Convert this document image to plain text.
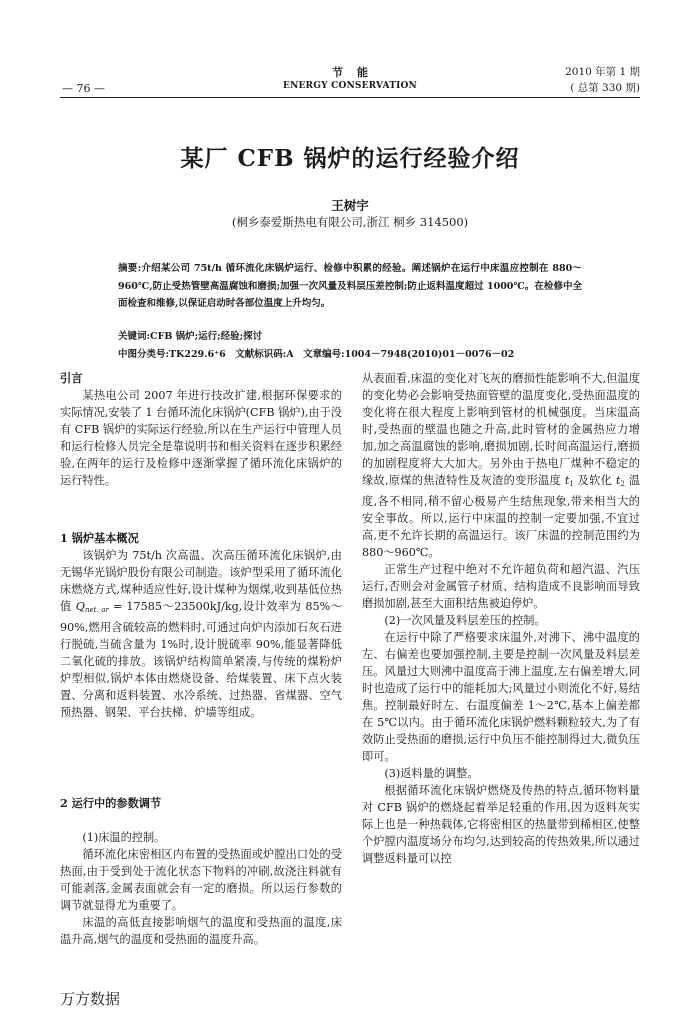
节能
ENERGY CONSERVATION
— 76 —
2010 年第 1 期
( 总第 330 期)
某厂 CFB 锅炉的运行经验介绍
王树宇
(桐乡泰爱斯热电有限公司,浙江 桐乡 314500)
摘要:介绍某公司 75t/h 循环流化床锅炉运行、检修中积累的经验。阐述锅炉在运行中床温应控制在 880～960℃,防止受热管壁高温腐蚀和磨损;加强一次风量及料层压差控制;防止返料温度超过 1000℃。在检修中全面检查和维修,以保证启动时各部位温度上升均匀。
关键词:CFB 锅炉;运行;经验;探讨
中图分类号:TK229.6⁺6　文献标识码:A　文章编号:1004－7948(2010)01－0076－02
引言

某热电公司 2007 年进行技改扩建,根据环保要求的实际情况,安装了 1 台循环流化床锅炉(CFB 锅炉),由于没有 CFB 锅炉的实际运行经验,所以在生产运行中管理人员和运行检修人员完全是靠说明书和相关资料在逐步积累经验,在两年的运行及检修中逐渐掌握了循环流化床锅炉的运行特性。

1 锅炉基本概况

该锅炉为 75t/h 次高温、次高压循环流化床锅炉,由无锡华光锅炉股份有限公司制造。该炉型采用了循环流化床燃烧方式,煤种适应性好,设计煤种为烟煤,收到基低位热值 $Q_{net. ar}$ = 17585～23500kJ/kg,设计效率为 85%～90%,燃用含硫较高的燃料时,可通过向炉内添加石灰石进行脱硫,当硫含量为 1%时,设计脱硫率 90%,能显著降低二氧化硫的排放。该锅炉结构简单紧凑,与传统的煤粉炉炉型相似,锅炉本体由燃烧设备、给煤装置、床下点火装置、分离和返料装置、水冷系统、过热器、省煤器、空气预热器、钢架、平台扶梯、炉墙等组成。

2 运行中的参数调节

(1)床温的控制。

循环流化床密相区内布置的受热面或炉膛出口处的受热面,由于受到处于流化状态下物料的冲刷,故浇注料就有可能剥落,金属表面就会有一定的磨损。所以运行参数的调节就显得尤为重要了。

床温的高低直接影响烟气的温度和受热面的温度,床温升高,烟气的温度和受热面的温度升高。

从表面看,床温的变化对飞灰的磨损性能影响不大,但温度的变化势必会影响受热面管壁的温度变化,受热面温度的变化将在很大程度上影响到管材的机械强度。当床温高时,受热面的壁温也随之升高,此时管材的金属热应力增加,加之高温腐蚀的影响,磨损加剧,长时间高温运行,磨损的加剧程度将大大加大。另外由于热电厂煤种不稳定的缘故,原煤的焦渣特性及灰渣的变形温度 $t_1$ 及软化 $t_2$ 温度,各不相同,稍不留心极易产生结焦现象,带来相当大的安全事故。所以,运行中床温的控制一定要加强,不宜过高,更不允许长期的高温运行。该厂床温的控制范围约为 880～960℃。

正常生产过程中绝对不允许超负荷和超汽温、汽压运行,否则会对金属管子材质、结构造成不良影响而导致磨损加剧,甚至大面积结焦被迫停炉。

(2)一次风量及料层差压的控制。

在运行中除了严格要求床温外,对沸下、沸中温度的左、右偏差也要加强控制,主要是控制一次风量及料层差压。风量过大则沸中温度高于沸上温度,左右偏差增大,同时也造成了运行中的能耗加大;风量过小则流化不好,易结焦。控制最好时左、右温度偏差 1～2℃,基本上偏差都在 5℃以内。由于循环流化床锅炉燃料颗粒较大,为了有效防止受热面的磨损,运行中负压不能控制得过大,微负压即可。

(3)返料量的调整。

根据循环流化床锅炉燃烧及传热的特点,循环物料量对 CFB 锅炉的燃烧起着举足轻重的作用,因为返料灰实际上也是一种热载体,它将密相区的热量带到稀相区,使整个炉膛内温度场分布均匀,达到较高的传热效果,所以通过调整返料量可以控

万方数据
